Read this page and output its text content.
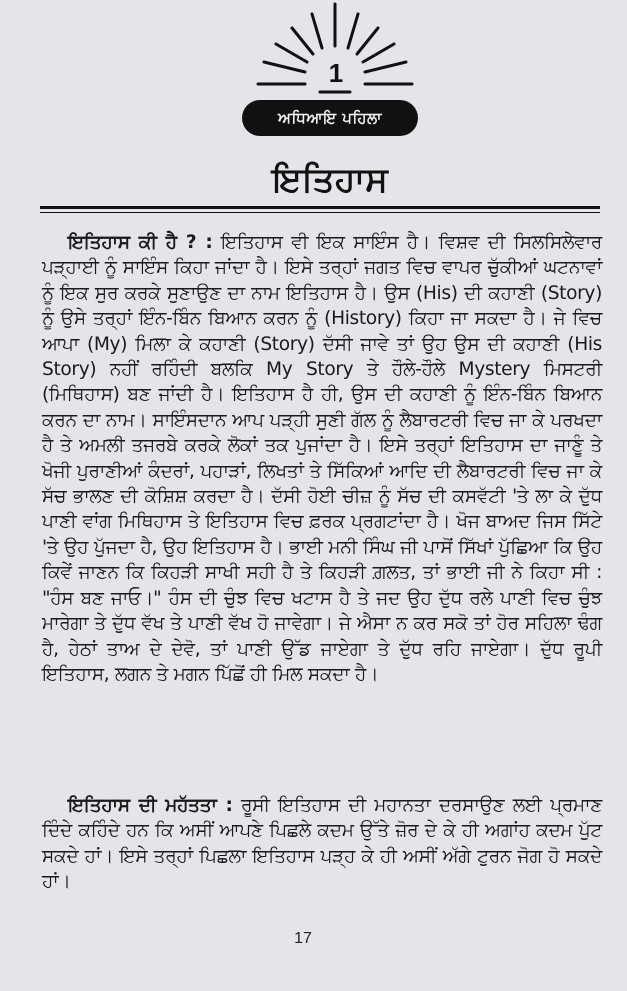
1
ਅਧਿਆਇ ਪਹਿਲਾ
ਇਤਿਹਾਸ

ਇਤਿਹਾਸ ਕੀ ਹੈ ? : ਇਤਿਹਾਸ ਵੀ ਇਕ ਸਾਇੰਸ ਹੈ। ਵਿਸ਼ਵ ਦੀ ਸਿਲਸਿਲੇਵਾਰ ਪੜ੍ਹਾਈ ਨੂੰ ਸਾਇੰਸ ਕਿਹਾ ਜਾਂਦਾ ਹੈ। ਇਸੇ ਤਰ੍ਹਾਂ ਜਗਤ ਵਿਚ ਵਾਪਰ ਚੁੱਕੀਆਂ ਘਟਨਾਵਾਂ ਨੂੰ ਇਕ ਸੁਰ ਕਰਕੇ ਸੁਣਾਉਣ ਦਾ ਨਾਮ ਇਤਿਹਾਸ ਹੈ। ਉਸ (His) ਦੀ ਕਹਾਣੀ (Story) ਨੂੰ ਉਸੇ ਤਰ੍ਹਾਂ ਇੰਨ-ਬਿੰਨ ਬਿਆਨ ਕਰਨ ਨੂੰ (History) ਕਿਹਾ ਜਾ ਸਕਦਾ ਹੈ। ਜੇ ਵਿਚ ਆਪਾ (My) ਮਿਲਾ ਕੇ ਕਹਾਣੀ (Story) ਦੱਸੀ ਜਾਵੇ ਤਾਂ ਉਹ ਉਸ ਦੀ ਕਹਾਣੀ (His Story) ਨਹੀਂ ਰਹਿੰਦੀ ਬਲਕਿ My Story ਤੇ ਹੌਲੇ-ਹੌਲੇ Mystery ਮਿਸਟਰੀ (ਮਿਥਿਹਾਸ) ਬਣ ਜਾਂਦੀ ਹੈ। ਇਤਿਹਾਸ ਹੈ ਹੀ, ਉਸ ਦੀ ਕਹਾਣੀ ਨੂੰ ਇੰਨ-ਬਿੰਨ ਬਿਆਨ ਕਰਨ ਦਾ ਨਾਮ। ਸਾਇੰਸਦਾਨ ਆਪ ਪੜ੍ਹੀ ਸੁਣੀ ਗੱਲ ਨੂੰ ਲੈਬਾਰਟਰੀ ਵਿਚ ਜਾ ਕੇ ਪਰਖਦਾ ਹੈ ਤੇ ਅਮਲੀ ਤਜਰਬੇ ਕਰਕੇ ਲੋਕਾਂ ਤਕ ਪੁਜਾਂਦਾ ਹੈ। ਇਸੇ ਤਰ੍ਹਾਂ ਇਤਿਹਾਸ ਦਾ ਜਾਣੂੰ ਤੇ ਖੋਜੀ ਪੁਰਾਣੀਆਂ ਕੰਦਰਾਂ, ਪਹਾੜਾਂ, ਲਿਖਤਾਂ ਤੇ ਸਿੱਕਿਆਂ ਆਦਿ ਦੀ ਲੈਬਾਰਟਰੀ ਵਿਚ ਜਾ ਕੇ ਸੱਚ ਭਾਲਣ ਦੀ ਕੋਸ਼ਿਸ਼ ਕਰਦਾ ਹੈ। ਦੱਸੀ ਹੋਈ ਚੀਜ਼ ਨੂੰ ਸੱਚ ਦੀ ਕਸਵੱਟੀ 'ਤੇ ਲਾ ਕੇ ਦੁੱਧ ਪਾਣੀ ਵਾਂਗ ਮਿਥਿਹਾਸ ਤੇ ਇਤਿਹਾਸ ਵਿਚ ਫ਼ਰਕ ਪ੍ਰਗਟਾਂਦਾ ਹੈ। ਖੋਜ ਬਾਅਦ ਜਿਸ ਸਿੱਟੇ 'ਤੇ ਉਹ ਪੁੱਜਦਾ ਹੈ, ਉਹ ਇਤਿਹਾਸ ਹੈ। ਭਾਈ ਮਨੀ ਸਿੰਘ ਜੀ ਪਾਸੋਂ ਸਿੱਖਾਂ ਪੁੱਛਿਆ ਕਿ ਉਹ ਕਿਵੇਂ ਜਾਣਨ ਕਿ ਕਿਹੜੀ ਸਾਖੀ ਸਹੀ ਹੈ ਤੇ ਕਿਹੜੀ ਗ਼ਲਤ, ਤਾਂ ਭਾਈ ਜੀ ਨੇ ਕਿਹਾ ਸੀ : "ਹੰਸ ਬਣ ਜਾਓ।" ਹੰਸ ਦੀ ਚੁੰਝ ਵਿਚ ਖਟਾਸ ਹੈ ਤੇ ਜਦ ਉਹ ਦੁੱਧ ਰਲੇ ਪਾਣੀ ਵਿਚ ਚੁੰਝ ਮਾਰੇਗਾ ਤੇ ਦੁੱਧ ਵੱਖ ਤੇ ਪਾਣੀ ਵੱਖ ਹੋ ਜਾਵੇਗਾ। ਜੇ ਐਸਾ ਨ ਕਰ ਸਕੋ ਤਾਂ ਹੋਰ ਸਹਿਲਾ ਢੰਗ ਹੈ, ਹੇਠਾਂ ਤਾਅ ਦੇ ਦੇਵੋ, ਤਾਂ ਪਾਣੀ ਉੱਡ ਜਾਏਗਾ ਤੇ ਦੁੱਧ ਰਹਿ ਜਾਏਗਾ। ਦੁੱਧ ਰੂਪੀ ਇਤਿਹਾਸ, ਲਗਨ ਤੇ ਮਗਨ ਪਿੱਛੋਂ ਹੀ ਮਿਲ ਸਕਦਾ ਹੈ।

ਇਤਿਹਾਸ ਦੀ ਮਹੱਤਤਾ : ਰੂਸੀ ਇਤਿਹਾਸ ਦੀ ਮਹਾਨਤਾ ਦਰਸਾਉਣ ਲਈ ਪ੍ਰਮਾਣ ਦਿੰਦੇ ਕਹਿੰਦੇ ਹਨ ਕਿ ਅਸੀਂ ਆਪਣੇ ਪਿਛਲੇ ਕਦਮ ਉੱਤੇ ਜ਼ੋਰ ਦੇ ਕੇ ਹੀ ਅਗਾਂਹ ਕਦਮ ਪੁੱਟ ਸਕਦੇ ਹਾਂ। ਇਸੇ ਤਰ੍ਹਾਂ ਪਿਛਲਾ ਇਤਿਹਾਸ ਪੜ੍ਹ ਕੇ ਹੀ ਅਸੀਂ ਅੱਗੇ ਟੁਰਨ ਜੋਗ ਹੋ ਸਕਦੇ ਹਾਂ।

17
